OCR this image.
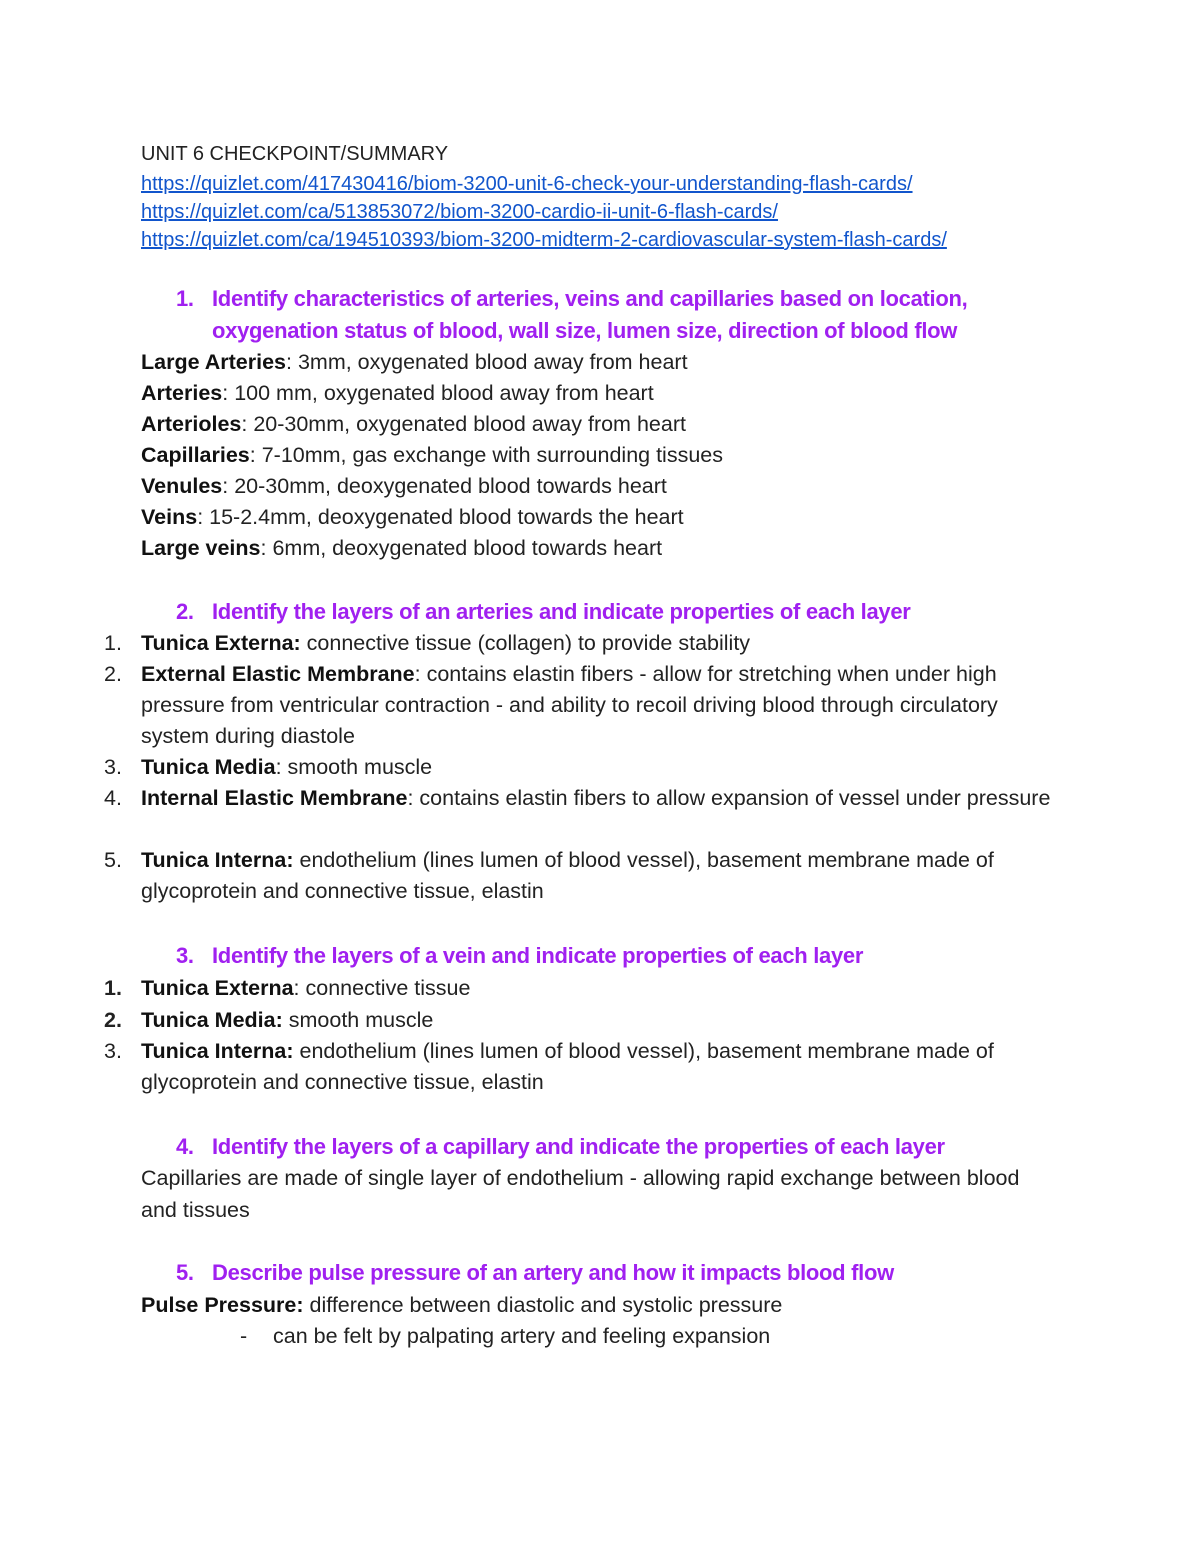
UNIT 6 CHECKPOINT/SUMMARY
https://quizlet.com/417430416/biom-3200-unit-6-check-your-understanding-flash-cards/
https://quizlet.com/ca/513853072/biom-3200-cardio-ii-unit-6-flash-cards/
https://quizlet.com/ca/194510393/biom-3200-midterm-2-cardiovascular-system-flash-cards/
1. Identify characteristics of arteries, veins and capillaries based on location,
oxygenation status of blood, wall size, lumen size, direction of blood flow
Large Arteries: 3mm, oxygenated blood away from heart
Arteries: 100 mm, oxygenated blood away from heart
Arterioles: 20-30mm, oxygenated blood away from heart
Capillaries: 7-10mm, gas exchange with surrounding tissues
Venules: 20-30mm, deoxygenated blood towards heart
Veins: 15-2.4mm, deoxygenated blood towards the heart
Large veins: 6mm, deoxygenated blood towards heart
2. Identify the layers of an arteries and indicate properties of each layer
1. Tunica Externa: connective tissue (collagen) to provide stability
2. External Elastic Membrane: contains elastin fibers - allow for stretching when under high pressure from ventricular contraction - and ability to recoil driving blood through circulatory system during diastole
3. Tunica Media: smooth muscle
4. Internal Elastic Membrane: contains elastin fibers to allow expansion of vessel under pressure
5. Tunica Interna: endothelium (lines lumen of blood vessel), basement membrane made of glycoprotein and connective tissue, elastin
3. Identify the layers of a vein and indicate properties of each layer
1. Tunica Externa: connective tissue
2. Tunica Media: smooth muscle
3. Tunica Interna: endothelium (lines lumen of blood vessel), basement membrane made of glycoprotein and connective tissue, elastin
4. Identify the layers of a capillary and indicate the properties of each layer
Capillaries are made of single layer of endothelium - allowing rapid exchange between blood and tissues
5. Describe pulse pressure of an artery and how it impacts blood flow
Pulse Pressure: difference between diastolic and systolic pressure
- can be felt by palpating artery and feeling expansion
